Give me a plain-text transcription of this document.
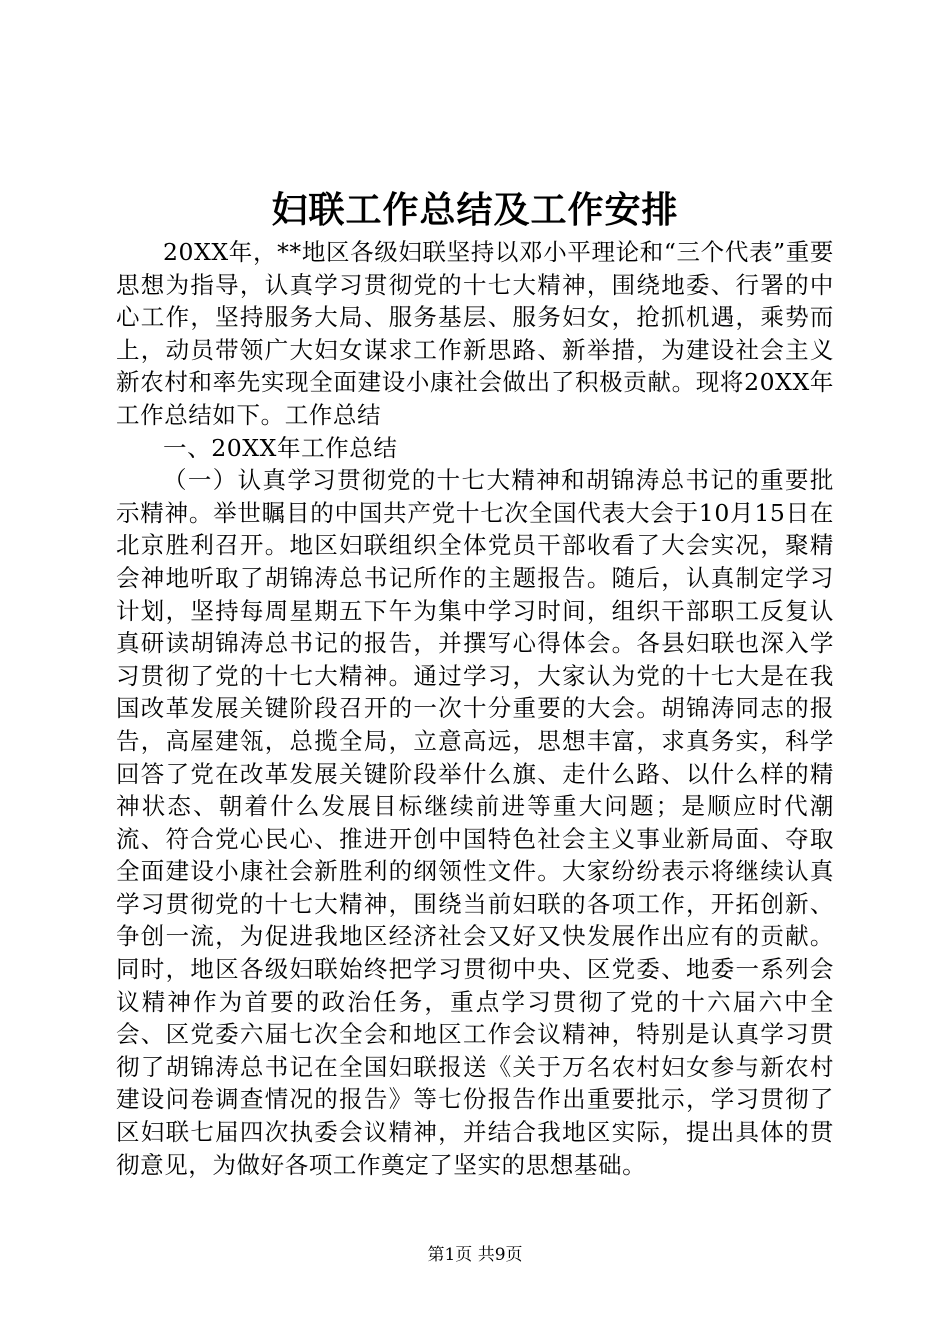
妇联工作总结及工作安排

20XX年，**地区各级妇联坚持以邓小平理论和“三个代表”重要思想为指导，认真学习贯彻党的十七大精神，围绕地委、行署的中心工作，坚持服务大局、服务基层、服务妇女，抢抓机遇，乘势而上，动员带领广大妇女谋求工作新思路、新举措，为建设社会主义新农村和率先实现全面建设小康社会做出了积极贡献。现将20XX年工作总结如下。工作总结

一、20XX年工作总结

（一）认真学习贯彻党的十七大精神和胡锦涛总书记的重要批示精神。举世瞩目的中国共产党十七次全国代表大会于10月15日在北京胜利召开。地区妇联组织全体党员干部收看了大会实况，聚精会神地听取了胡锦涛总书记所作的主题报告。随后，认真制定学习计划，坚持每周星期五下午为集中学习时间，组织干部职工反复认真研读胡锦涛总书记的报告，并撰写心得体会。各县妇联也深入学习贯彻了党的十七大精神。通过学习，大家认为党的十七大是在我国改革发展关键阶段召开的一次十分重要的大会。胡锦涛同志的报告，高屋建瓴，总揽全局，立意高远，思想丰富，求真务实，科学回答了党在改革发展关键阶段举什么旗、走什么路、以什么样的精神状态、朝着什么发展目标继续前进等重大问题；是顺应时代潮流、符合党心民心、推进开创中国特色社会主义事业新局面、夺取全面建设小康社会新胜利的纲领性文件。大家纷纷表示将继续认真学习贯彻党的十七大精神，围绕当前妇联的各项工作，开拓创新、争创一流，为促进我地区经济社会又好又快发展作出应有的贡献。同时，地区各级妇联始终把学习贯彻中央、区党委、地委一系列会议精神作为首要的政治任务，重点学习贯彻了党的十六届六中全会、区党委六届七次全会和地区工作会议精神，特别是认真学习贯彻了胡锦涛总书记在全国妇联报送《关于万名农村妇女参与新农村建设问卷调查情况的报告》等七份报告作出重要批示，学习贯彻了区妇联七届四次执委会议精神，并结合我地区实际，提出具体的贯彻意见，为做好各项工作奠定了坚实的思想基础。

第1页 共9页
